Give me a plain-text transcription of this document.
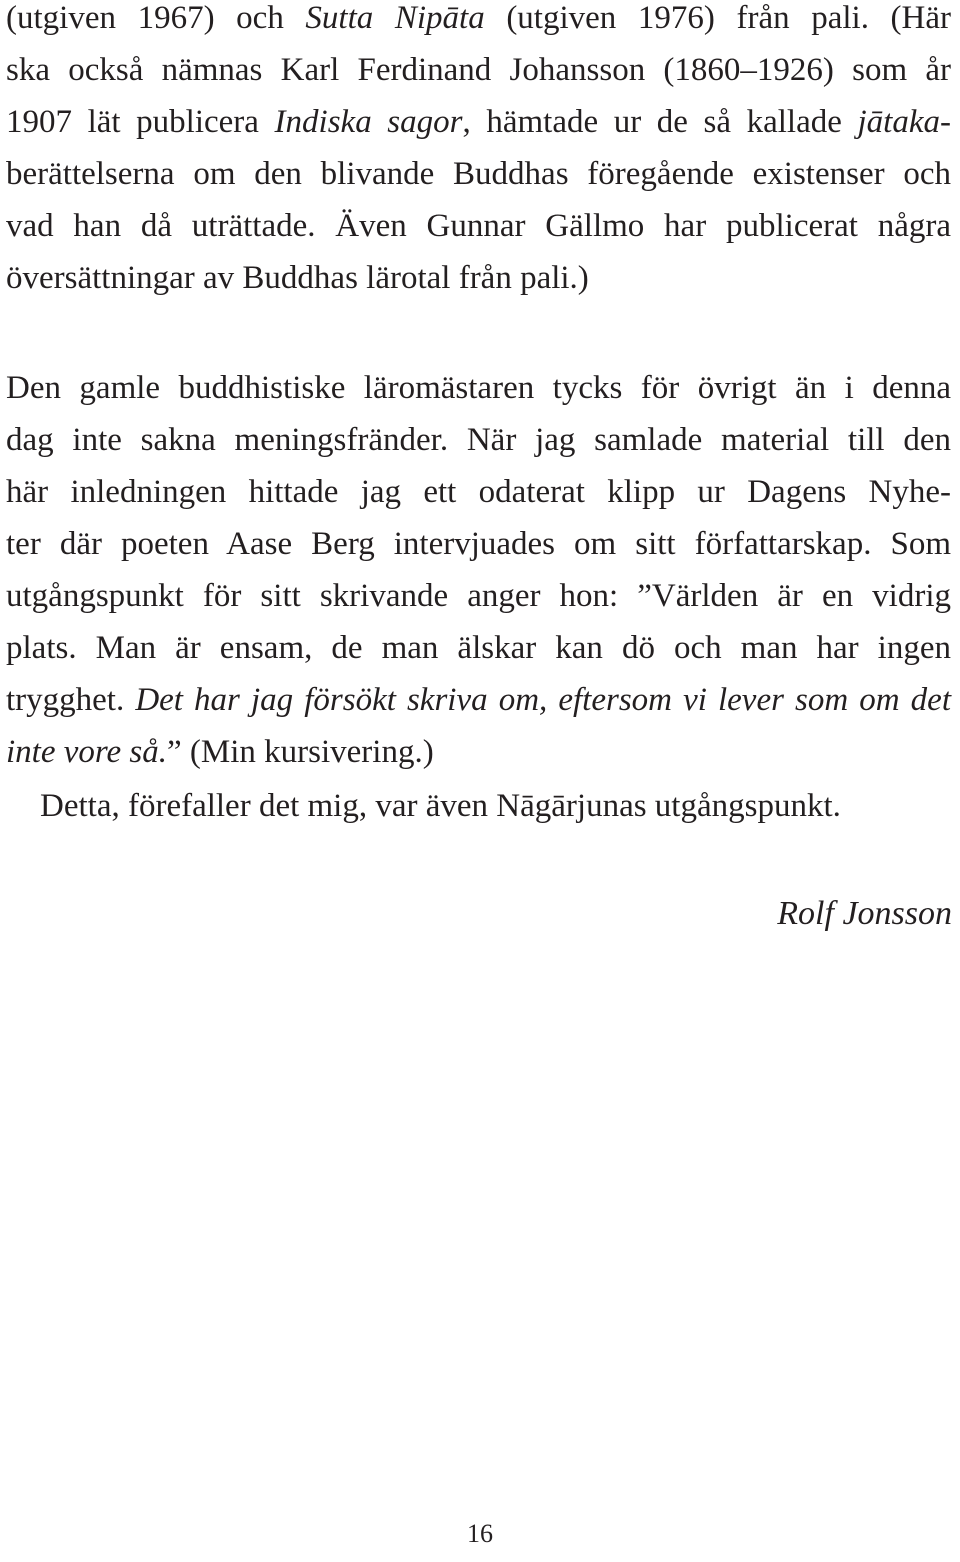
(utgiven 1967) och Sutta Nipāta (utgiven 1976) från pali. (Här
ska också nämnas Karl Ferdinand Johansson (1860–1926) som år
1907 lät publicera Indiska sagor, hämtade ur de så kallade jātaka-
berättelserna om den blivande Buddhas föregående existenser och
vad han då uträttade. Även Gunnar Gällmo har publicerat några
översättningar av Buddhas lärotal från pali.)
Den gamle buddhistiske läromästaren tycks för övrigt än i denna
dag inte sakna meningsfränder. När jag samlade material till den
här inledningen hittade jag ett odaterat klipp ur Dagens Nyhe-
ter där poeten Aase Berg intervjuades om sitt författarskap. Som
utgångspunkt för sitt skrivande anger hon: ”Världen är en vidrig
plats. Man är ensam, de man älskar kan dö och man har ingen
trygghet. Det har jag försökt skriva om, eftersom vi lever som om det
inte vore så.” (Min kursivering.)
Detta, förefaller det mig, var även Nāgārjunas utgångspunkt.
Rolf Jonsson
16
